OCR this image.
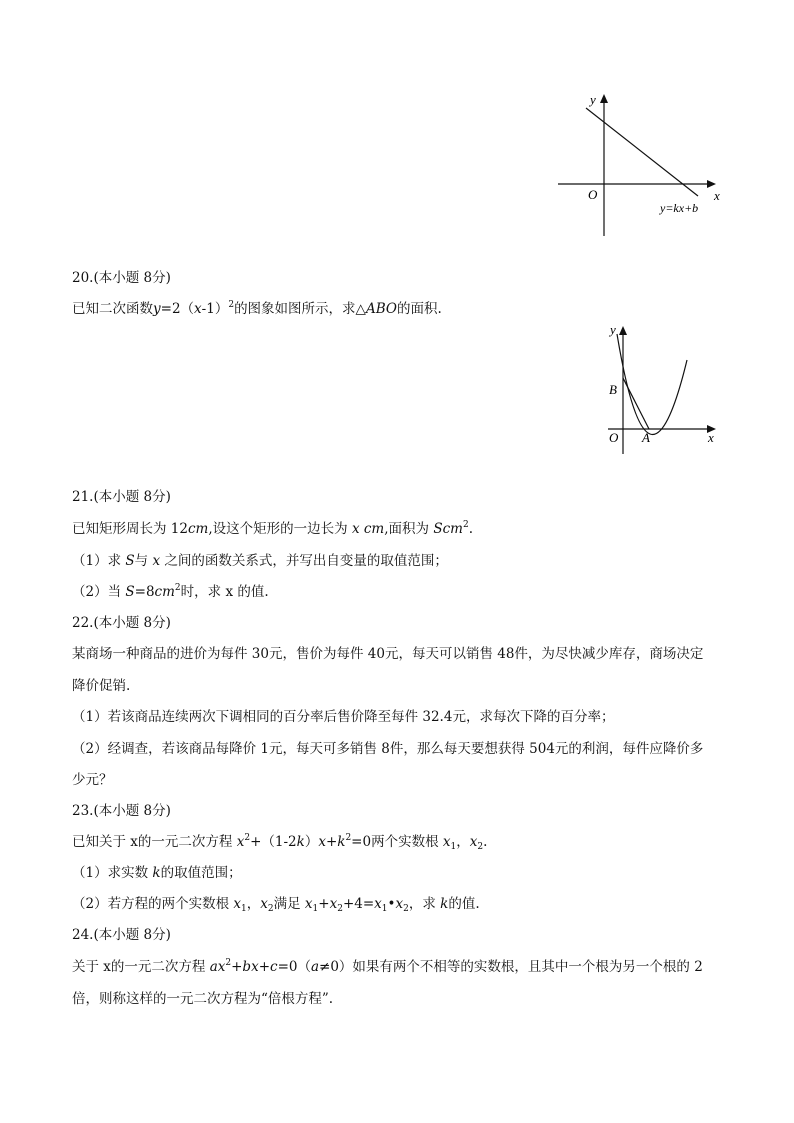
y
x
O
y=kx+b
20.(本小题 8分)
已知二次函数$y=2(x-1)^2$的图象如图所示，求△ABO的面积.
y
x
O A
B
21.(本小题 8分)
已知矩形周长为 12cm,设这个矩形的一边长为 x cm,面积为 Scm$^2$.
（1）求 S与 x 之间的函数关系式，并写出自变量的取值范围；
（2）当 $S=8cm^2$时，求 x 的值.
22.(本小题 8分)
某商场一种商品的进价为每件 30元，售价为每件 40元，每天可以销售 48件，为尽快减少库存，商场决定
降价促销.
（1）若该商品连续两次下调相同的百分率后售价降至每件 32.4元，求每次下降的百分率；
（2）经调查，若该商品每降价 1元，每天可多销售 8件，那么每天要想获得 504元的利润，每件应降价多
少元？
23.(本小题 8分)
已知关于 x的一元二次方程 $x^2+(1-2k)x+k^2=0$两个实数根 $x_1$，$x_2$.
（1）求实数 k的取值范围；
（2）若方程的两个实数根 $x_1$，$x_2$满足 $x_1+x_2+4=x_1•x_2$，求 k的值.
24.(本小题 8分)
关于 x的一元二次方程 $ax^2+bx+c=0(a\ne 0)$如果有两个不相等的实数根，且其中一个根为另一个根的 2
倍，则称这样的一元二次方程为“倍根方程”.
